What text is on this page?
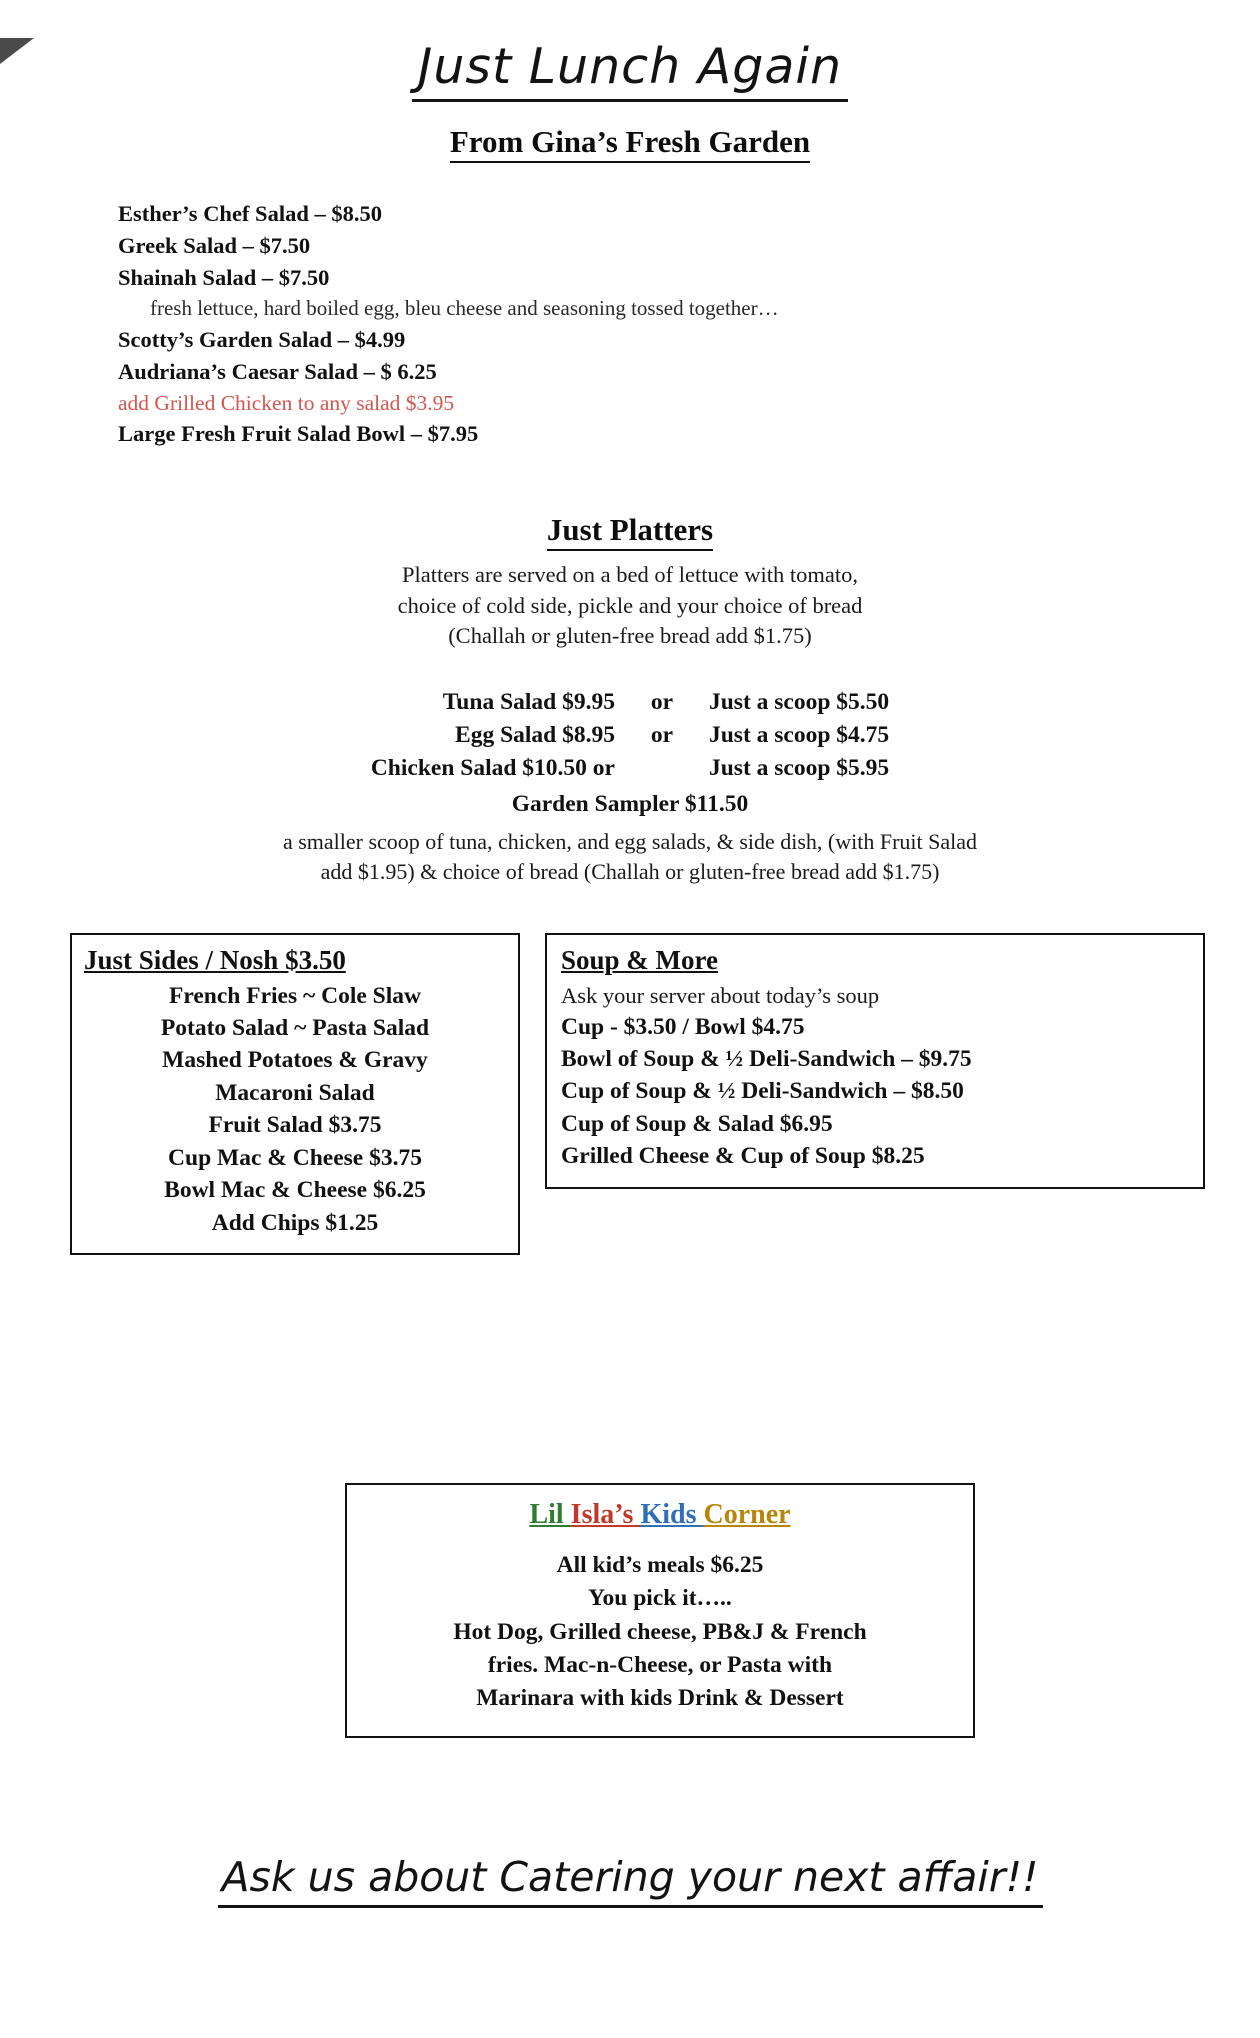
Just Lunch Again
From Gina’s Fresh Garden
Esther’s Chef Salad – $8.50
Greek Salad – $7.50
Shainah Salad – $7.50
fresh lettuce, hard boiled egg, bleu cheese and seasoning tossed together…
Scotty’s Garden Salad – $4.99
Audriana’s Caesar Salad – $ 6.25
add Grilled Chicken to any salad $3.95
Large Fresh Fruit Salad Bowl – $7.95
Just Platters
Platters are served on a bed of lettuce with tomato,
choice of cold side, pickle and your choice of bread
(Challah or gluten-free bread add $1.75)
Tuna Salad $9.95	or	Just a scoop $5.50
Egg Salad $8.95	or	Just a scoop $4.75
Chicken Salad $10.50 or		Just a scoop $5.95
Garden Sampler $11.50
a smaller scoop of tuna, chicken, and egg salads, & side dish, (with Fruit Salad
add $1.95) & choice of bread (Challah or gluten-free bread add $1.75)
Just Sides / Nosh $3.50
French Fries ~ Cole Slaw
Potato Salad ~ Pasta Salad
Mashed Potatoes & Gravy
Macaroni Salad
Fruit Salad $3.75
Cup Mac & Cheese $3.75
Bowl Mac & Cheese $6.25
Add Chips $1.25
Soup & More
Ask your server about today’s soup
Cup - $3.50 / Bowl $4.75
Bowl of Soup & ½ Deli-Sandwich – $9.75
Cup of Soup & ½ Deli-Sandwich – $8.50
Cup of Soup & Salad $6.95
Grilled Cheese & Cup of Soup $8.25
Lil Isla’s Kids Corner
All kid’s meals $6.25
You pick it…..
Hot Dog, Grilled cheese, PB&J & French
fries. Mac-n-Cheese, or Pasta with
Marinara with kids Drink & Dessert
Ask us about Catering your next affair!!
